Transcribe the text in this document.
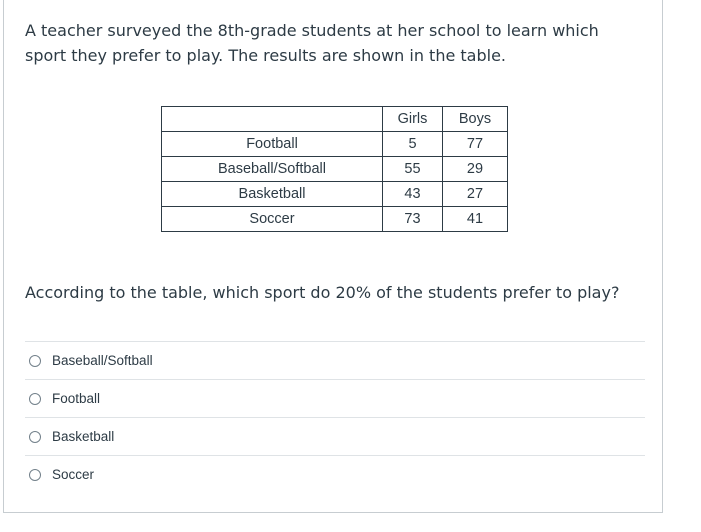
A teacher surveyed the 8th-grade students at her school to learn which sport they prefer to play. The results are shown in the table.

	Girls	Boys
Football	5	77
Baseball/Softball	55	29
Basketball	43	27
Soccer	73	41

According to the table, which sport do 20% of the students prefer to play?

Baseball/Softball
Football
Basketball
Soccer
